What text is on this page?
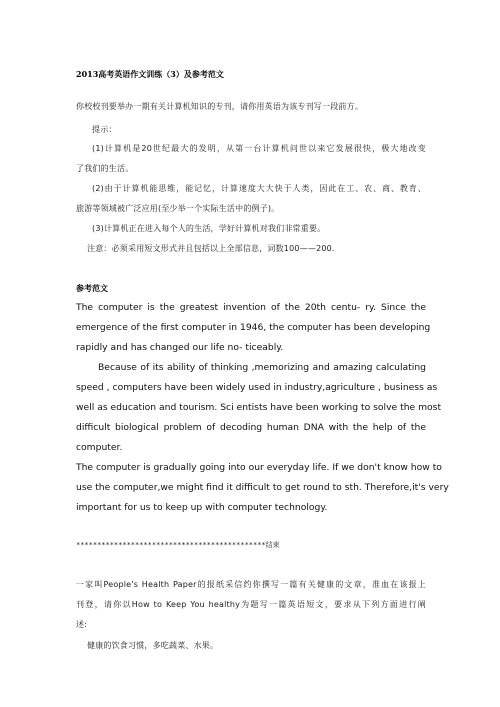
2013高考英语作文训练（3）及参考范文
你校校刊要举办一期有关计算机知识的专刊，请你用英语为该专刊写一段前方。
提示：
(1)计算机是20世纪最大的发明，从第一台计算机问世以来它发展很快，极大地改变
了我们的生活。
(2)由于计算机能思维，能记忆，计算速度大大快于人类，因此在工、农、商、教育、
旅游等领域被广泛应用(至少举一个实际生活中的例子)。
(3)计算机正在进入每个人的生活，学好计算机对我们非常重要。
注意：必须采用短文形式并且包括以上全部信息，词数100——200.
参考范文
The computer is the greatest invention of the 20th centu- ry. Since the
emergence of the first computer in 1946, the computer has been developing
rapidly and has changed our life no- ticeably.
Because of its ability of thinking ,memorizing and amazing calculating
speed , computers have been widely used in industry,agriculture , business as
well as education and tourism. Sci entists have been working to solve the most
difficult biological problem of decoding human DNA with the help of the
computer.
The computer is gradually going into our everyday life. If we don't know how to
use the computer,we might find it difficult to get round to sth. Therefore,it's very
important for us to keep up with computer technology.
*********************************************结束
一家叫People's Health Paper的报纸采信约你撰写一篇有关健康的文章，准血在该报上
刊登，请你以How to Keep You healthy为题写一篇英语短文，要求从下列方面进行阐
述:
健康的饮食习惯，多吃蔬菜、水果。
